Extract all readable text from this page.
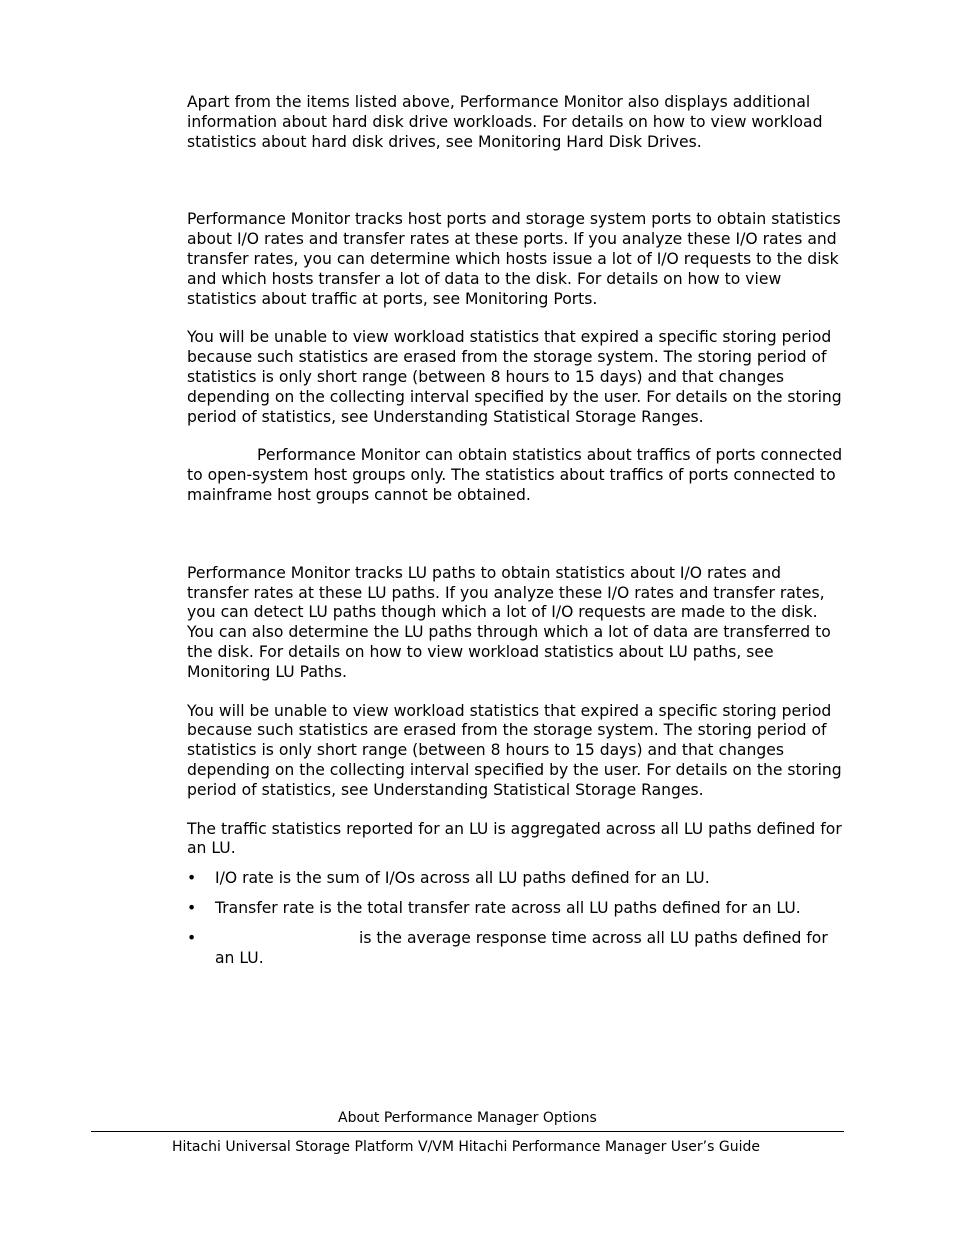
Apart from the items listed above, Performance Monitor also displays additional information about hard disk drive workloads. For details on how to view workload statistics about hard disk drives, see Monitoring Hard Disk Drives.

Performance Monitor tracks host ports and storage system ports to obtain statistics about I/O rates and transfer rates at these ports. If you analyze these I/O rates and transfer rates, you can determine which hosts issue a lot of I/O requests to the disk and which hosts transfer a lot of data to the disk. For details on how to view statistics about traffic at ports, see Monitoring Ports.

You will be unable to view workload statistics that expired a specific storing period because such statistics are erased from the storage system. The storing period of statistics is only short range (between 8 hours to 15 days) and that changes depending on the collecting interval specified by the user. For details on the storing period of statistics, see Understanding Statistical Storage Ranges.

Performance Monitor can obtain statistics about traffics of ports connected to open-system host groups only. The statistics about traffics of ports connected to mainframe host groups cannot be obtained.

Performance Monitor tracks LU paths to obtain statistics about I/O rates and transfer rates at these LU paths. If you analyze these I/O rates and transfer rates, you can detect LU paths though which a lot of I/O requests are made to the disk. You can also determine the LU paths through which a lot of data are transferred to the disk. For details on how to view workload statistics about LU paths, see Monitoring LU Paths.

You will be unable to view workload statistics that expired a specific storing period because such statistics are erased from the storage system. The storing period of statistics is only short range (between 8 hours to 15 days) and that changes depending on the collecting interval specified by the user. For details on the storing period of statistics, see Understanding Statistical Storage Ranges.

The traffic statistics reported for an LU is aggregated across all LU paths defined for an LU.

• I/O rate is the sum of I/Os across all LU paths defined for an LU.
• Transfer rate is the total transfer rate across all LU paths defined for an LU.
•	is the average response time across all LU paths defined for an LU.
About Performance Manager Options
Hitachi Universal Storage Platform V/VM Hitachi Performance Manager User’s Guide
